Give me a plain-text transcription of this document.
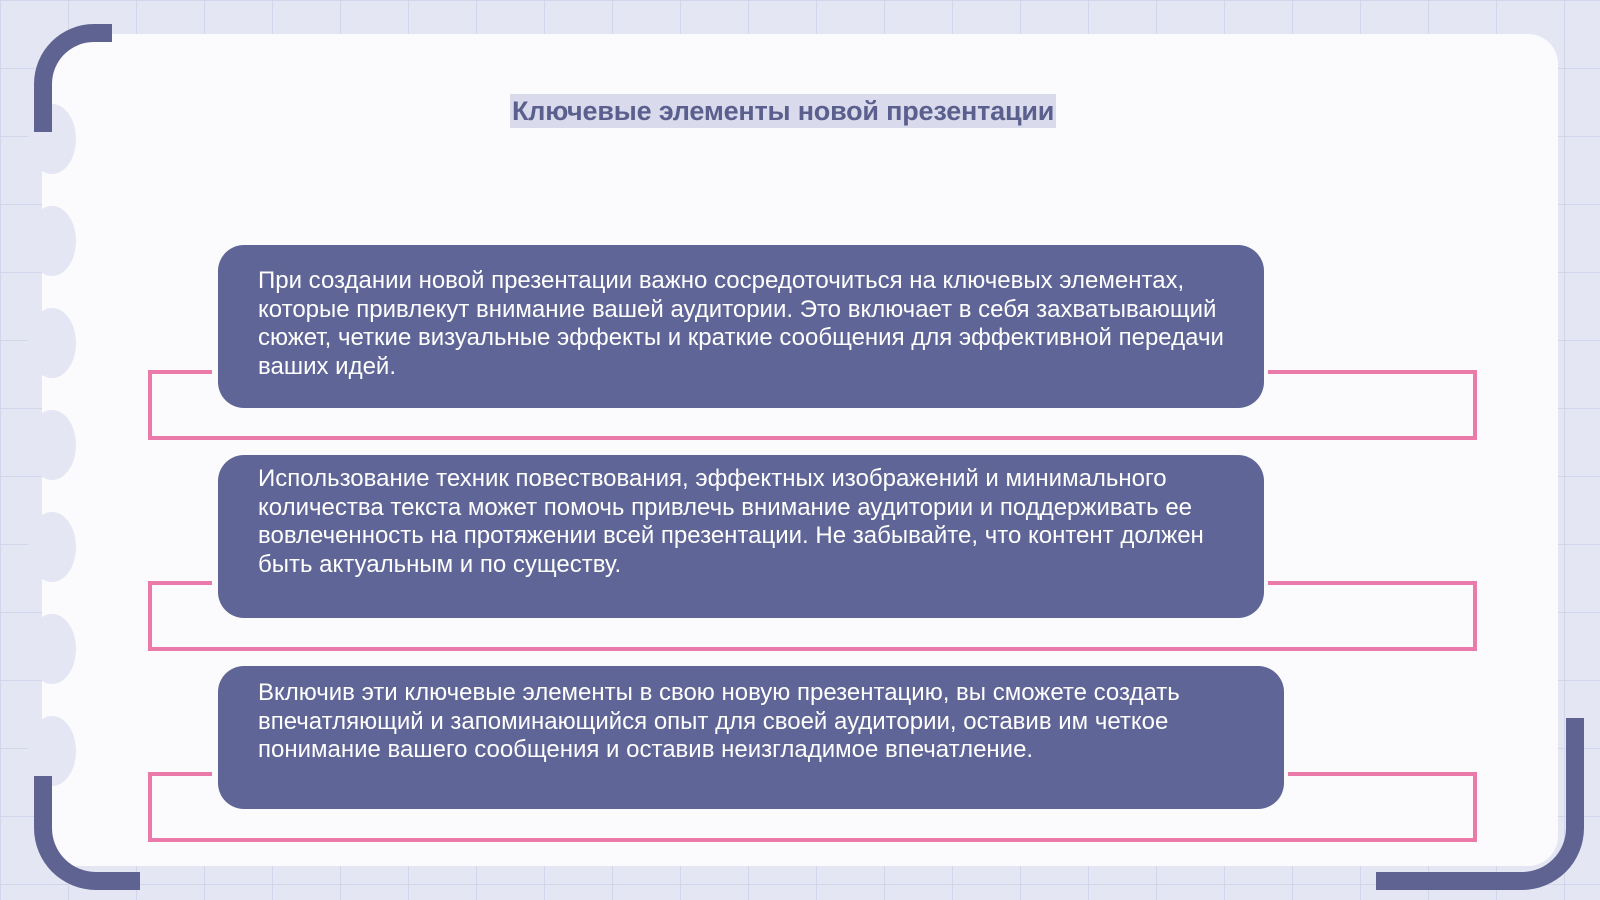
Ключевые элементы новой презентации
При создании новой презентации важно сосредоточиться на ключевых элементах, которые привлекут внимание вашей аудитории. Это включает в себя захватывающий сюжет, четкие визуальные эффекты и краткие сообщения для эффективной передачи ваших идей.
Использование техник повествования, эффектных изображений и минимального количества текста может помочь привлечь внимание аудитории и поддерживать ее вовлеченность на протяжении всей презентации. Не забывайте, что контент должен быть актуальным и по существу.
Включив эти ключевые элементы в свою новую презентацию, вы сможете создать впечатляющий и запоминающийся опыт для своей аудитории, оставив им четкое понимание вашего сообщения и оставив неизгладимое впечатление.
